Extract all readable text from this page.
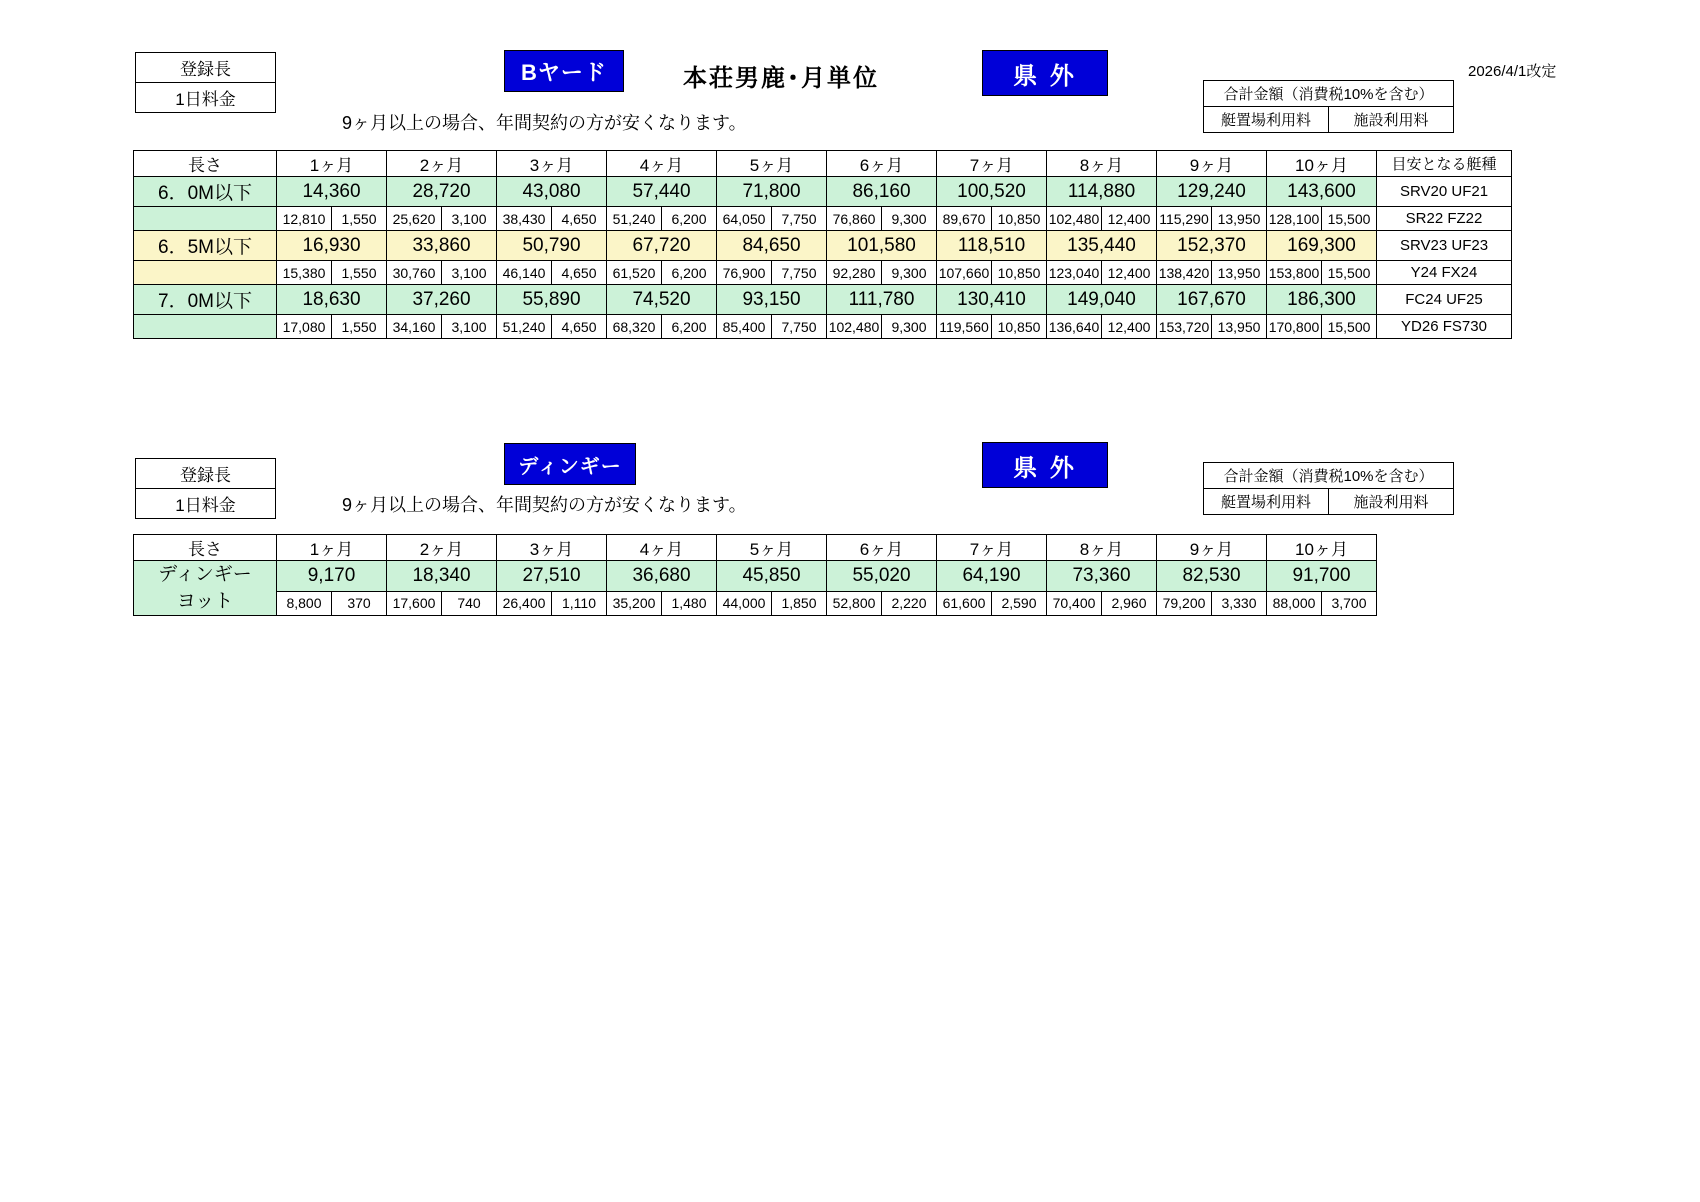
登録長
1日料金
Bヤード	本荘男鹿･月単位	県 外	2026/4/1改定
合計金額（消費税10%を含む）
艇置場利用料	施設利用料
9ヶ月以上の場合、年間契約の方が安くなります。
長さ	1ヶ月	2ヶ月	3ヶ月	4ヶ月	5ヶ月	6ヶ月	7ヶ月	8ヶ月	9ヶ月	10ヶ月	目安となる艇種
6．0M以下	14,360	28,720	43,080	57,440	71,800	86,160	100,520	114,880	129,240	143,600	SRV20 UF21

12,810	1,550	25,620	3,100	38,430	4,650	51,240	6,200	64,050	7,750	76,860	9,300	89,670 10,850	102,480 12,400	115,290 13,950	128,100 15,500	SR22 FZ22
6．5M以下	16,930	33,860	50,790	67,720	84,650	101,580	118,510	135,440	152,370	169,300	SRV23 UF23

15,380	1,550	30,760	3,100	46,140	4,650	61,520	6,200	76,900	7,750	92,280	9,300	107,660 10,850	123,040 12,400	138,420 13,950	153,800 15,500	Y24 FX24
7．0M以下	18,630	37,260	55,890	74,520	93,150	111,780	130,410	149,040	167,670	186,300	FC24 UF25

17,080	1,550	34,160	3,100	51,240	4,650	68,320	6,200	85,400	7,750	102,480 9,300	119,560 10,850	136,640 12,400	153,720 13,950	170,800 15,500	YD26 FS730
登録長
1日料金
ディンギー	県 外	合計金額（消費税10%を含む）
艇置場利用料	施設利用料
9ヶ月以上の場合、年間契約の方が安くなります。
長さ	1ヶ月	2ヶ月	3ヶ月	4ヶ月	5ヶ月	6ヶ月	7ヶ月	8ヶ月	9ヶ月	10ヶ月

ディンギー
ヨット	9,170	18,340	27,510	36,680	45,850	55,020	64,190	73,360	82,530	91,700

8,800	370	17,600	740	26,400	1,110	35,200	1,480	44,000	1,850	52,800	2,220	61,600	2,590	70,400	2,960	79,200	3,330	88,000	3,700
